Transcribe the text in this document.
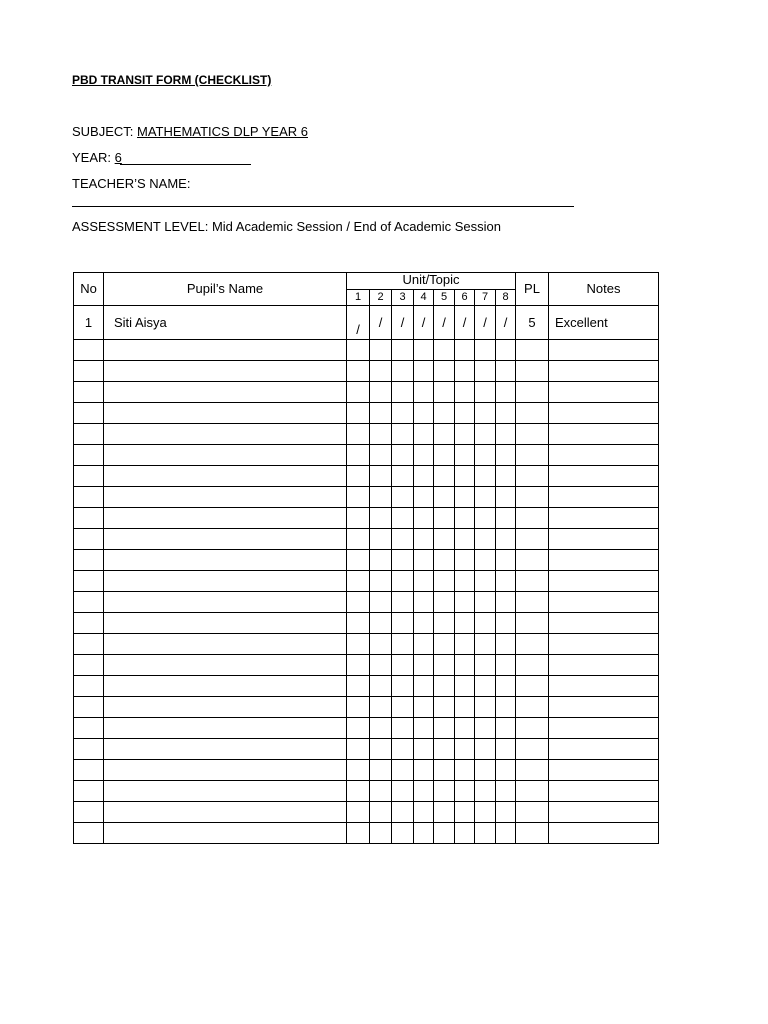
PBD TRANSIT FORM (CHECKLIST)
SUBJECT: MATHEMATICS DLP YEAR 6
YEAR: 6
TEACHER’S NAME:
ASSESSMENT LEVEL: Mid Academic Session / End of Academic Session
No	Pupil’s Name	Unit/Topic								PL	Notes
		1	2	3	4	5	6	7	8		
1	Siti Aisya	/	/	/	/	/	/	/	/	5	Excellent
